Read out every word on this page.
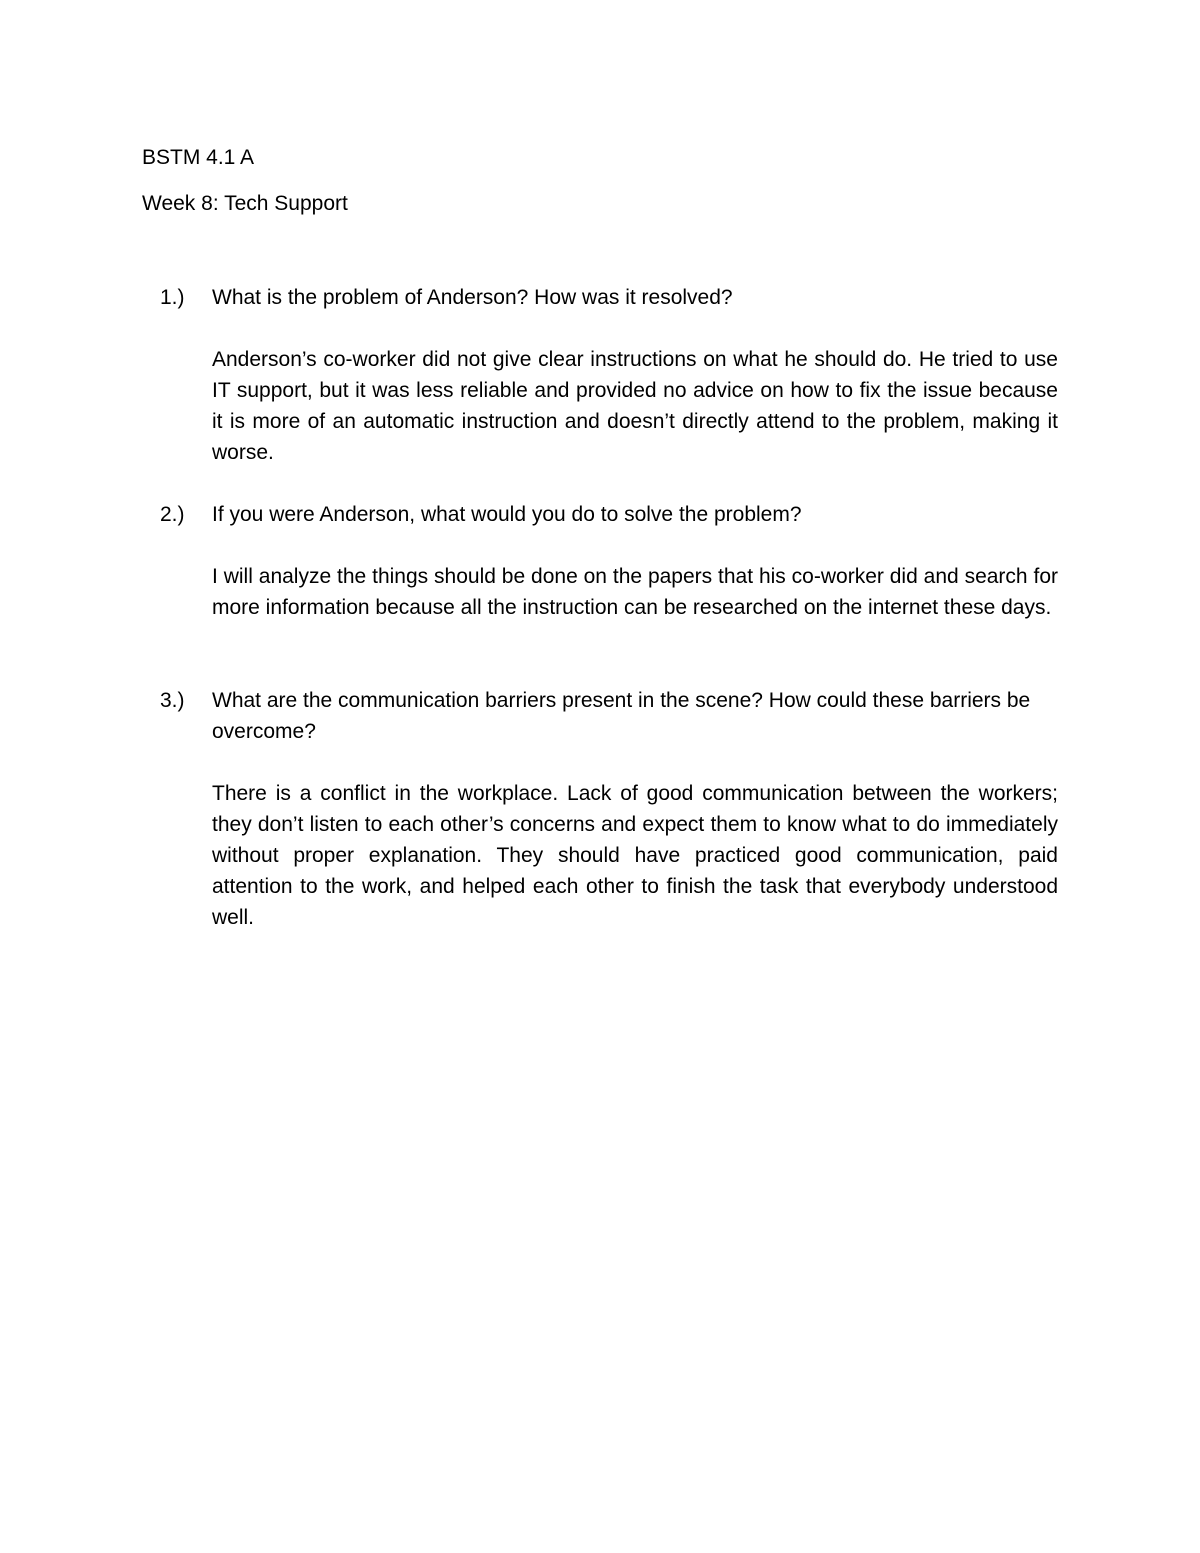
BSTM 4.1 A
Week 8: Tech Support
1.) What is the problem of Anderson? How was it resolved?
Anderson’s co-worker did not give clear instructions on what he should do. He tried to use IT support, but it was less reliable and provided no advice on how to fix the issue because it is more of an automatic instruction and doesn’t directly attend to the problem, making it worse.
2.) If you were Anderson, what would you do to solve the problem?
I will analyze the things should be done on the papers that his co-worker did and search for more information because all the instruction can be researched on the internet these days.
3.) What are the communication barriers present in the scene? How could these barriers be overcome?
There is a conflict in the workplace. Lack of good communication between the workers; they don’t listen to each other’s concerns and expect them to know what to do immediately without proper explanation. They should have practiced good communication, paid attention to the work, and helped each other to finish the task that everybody understood well.
